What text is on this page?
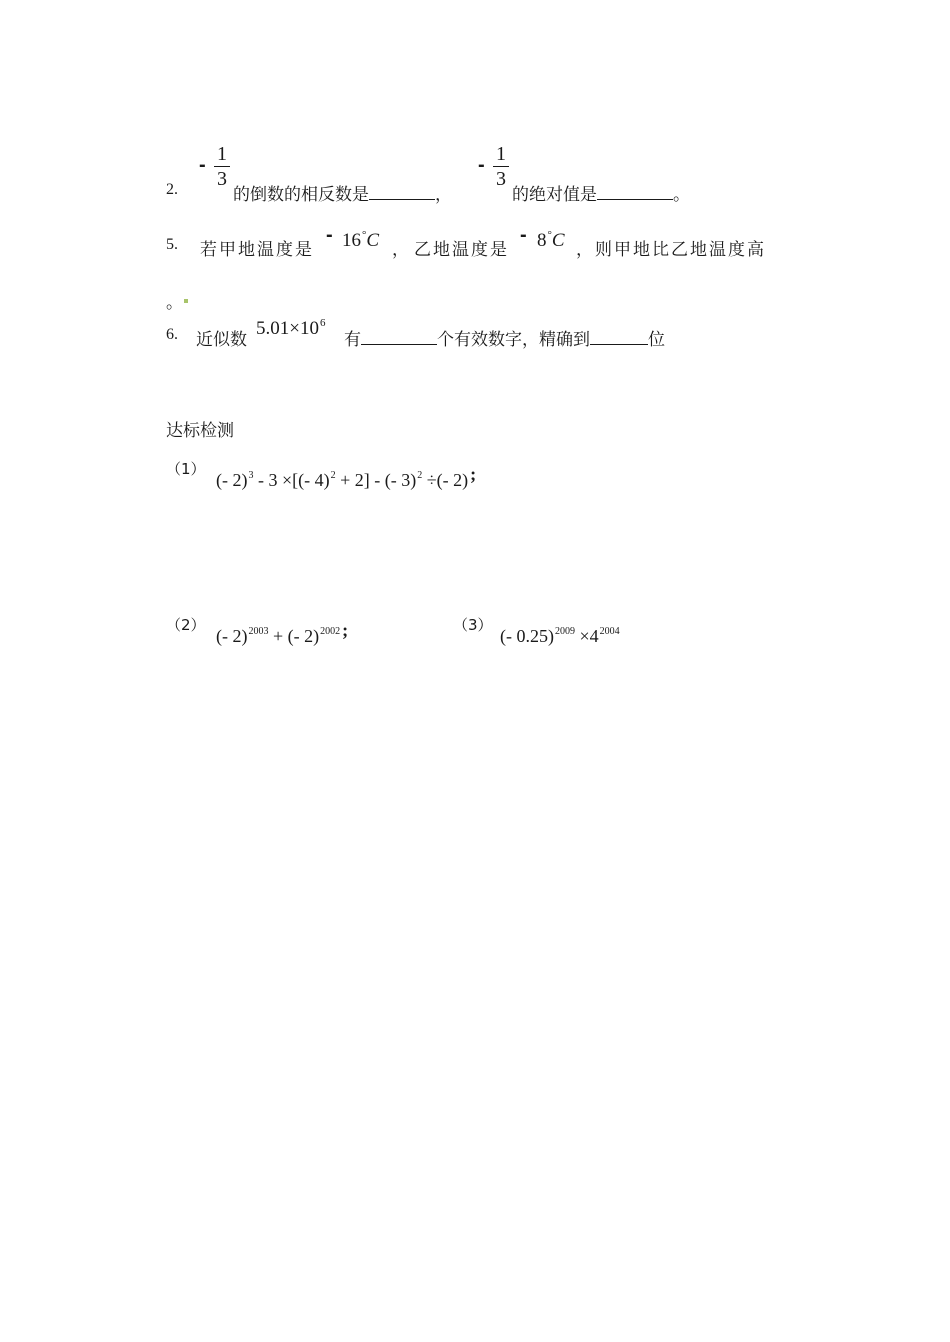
2.
- 1
3
的倒数的相反数是	，
- 1
3
的绝对值是	。
5. 若甲地温度是
- 16°C ， 乙地温度是
- 8°C ，则甲地比乙地温度高
。
6. 近似数
$5.01\times 10^6$
有	个有效数字，精确到	位
达标检测
（1）
(- 2)$^3$ - 3 ×[(- 4)$^2$ + 2] - (- 3)$^2$ ÷(- 2) ;
（2）
(- 2)$^{2003}$ + (- 2)$^{2002}$ ;	（3）
(- $0.25)^{2009} \times 4^{2004}$
